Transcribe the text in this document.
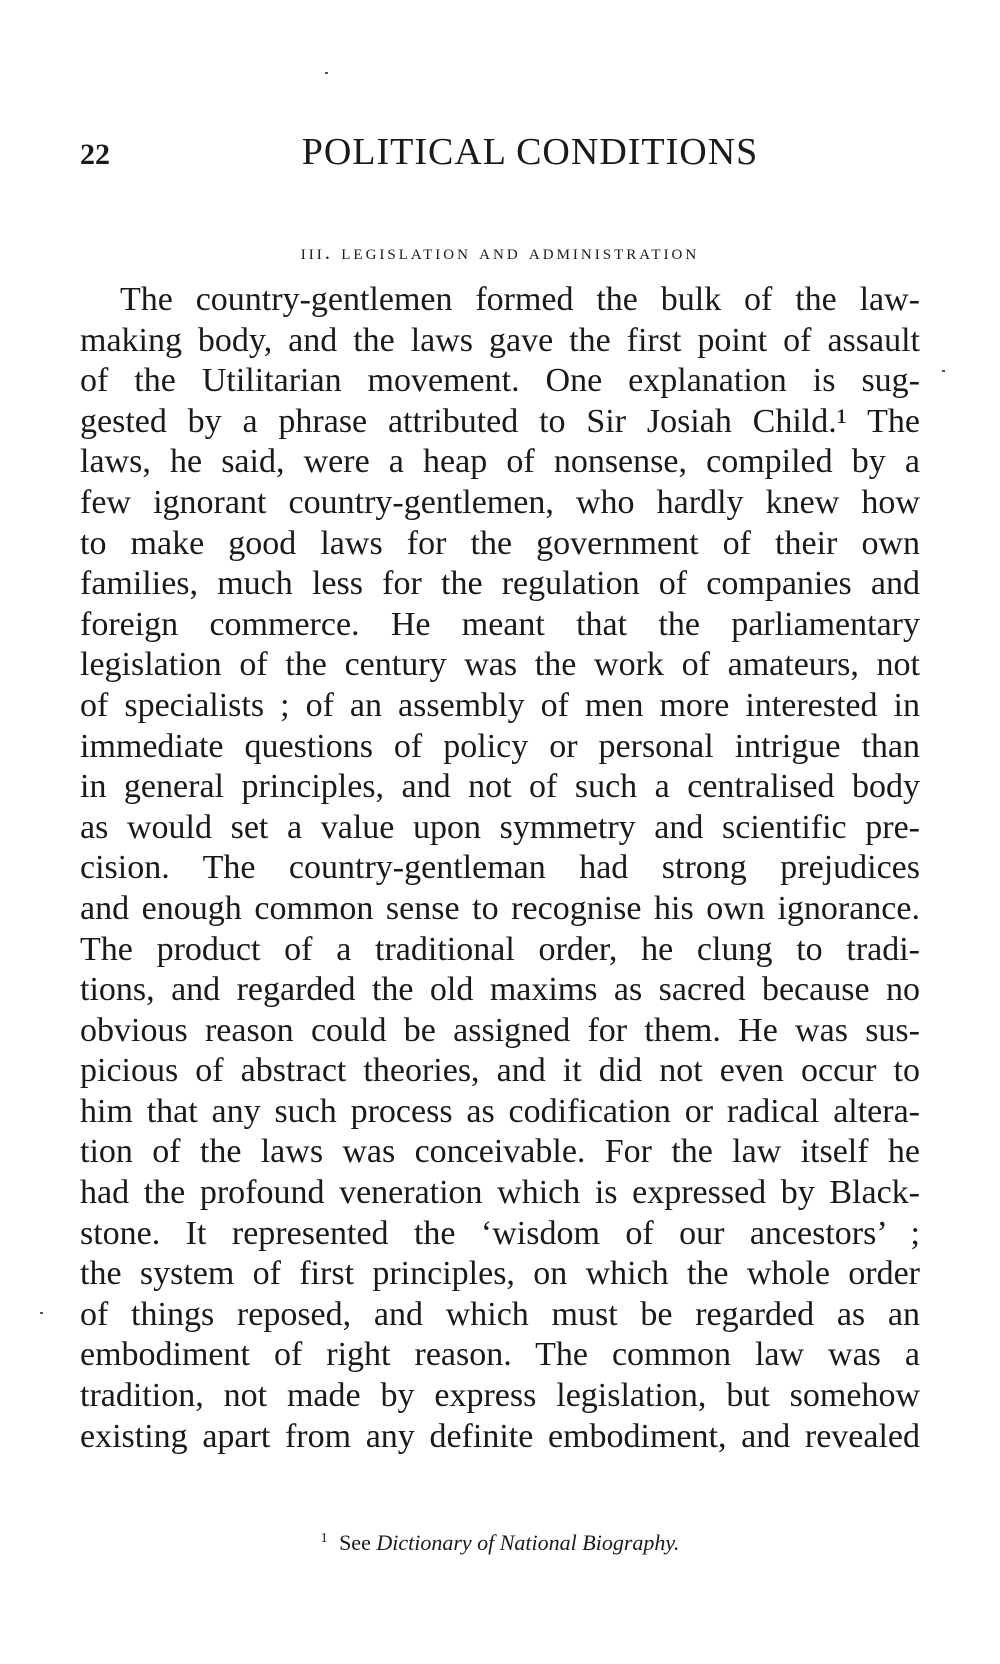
22	POLITICAL CONDITIONS
iii. legislation and administration
The country-gentlemen formed the bulk of the law-
making body, and the laws gave the first point of assault
of the Utilitarian movement. One explanation is sug-
gested by a phrase attributed to Sir Josiah Child.¹ The
laws, he said, were a heap of nonsense, compiled by a
few ignorant country-gentlemen, who hardly knew how
to make good laws for the government of their own
families, much less for the regulation of companies and
foreign commerce. He meant that the parliamentary
legislation of the century was the work of amateurs, not
of specialists ; of an assembly of men more interested in
immediate questions of policy or personal intrigue than
in general principles, and not of such a centralised body
as would set a value upon symmetry and scientific pre-
cision. The country-gentleman had strong prejudices
and enough common sense to recognise his own ignorance.
The product of a traditional order, he clung to tradi-
tions, and regarded the old maxims as sacred because no
obvious reason could be assigned for them. He was sus-
picious of abstract theories, and it did not even occur to
him that any such process as codification or radical altera-
tion of the laws was conceivable. For the law itself he
had the profound veneration which is expressed by Black-
stone. It represented the ‘wisdom of our ancestors’ ;
the system of first principles, on which the whole order
of things reposed, and which must be regarded as an
embodiment of right reason. The common law was a
tradition, not made by express legislation, but somehow
existing apart from any definite embodiment, and revealed
$^1$ See Dictionary of National Biography.
